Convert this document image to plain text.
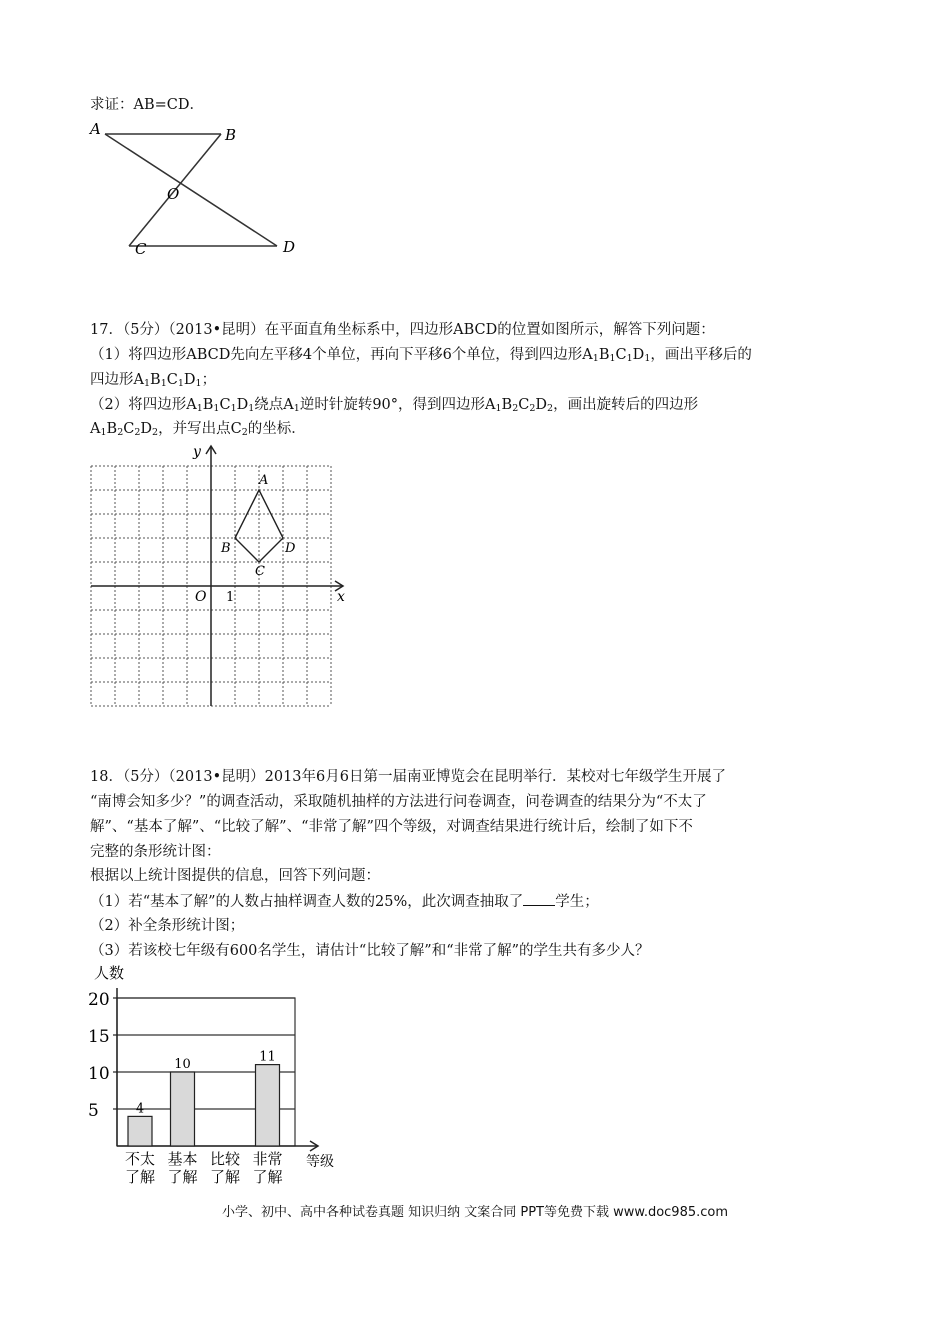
求证：AB=CD．
A	B
O
C	D
17．（5分）（2013•昆明）在平面直角坐标系中，四边形ABCD的位置如图所示，解答下列问题：
（1）将四边形ABCD先向左平移4个单位，再向下平移6个单位，得到四边形$A_1B_1C_1D_1$，画出平移后的
四边形$A_1B_1C_1D_1$；
（2）将四边形$A_1B_1C_1D_1$绕点$A_1$逆时针旋转90°，得到四边形$A_1B_2C_2D_2$，画出旋转后的四边形
$A_1B_2C_2D_2$，并写出点$C_2$的坐标．
y
x
O 1
A
B
C
D
18．（5分）（2013•昆明）2013年6月6日第一届南亚博览会在昆明举行．某校对七年级学生开展了
“南博会知多少？”的调查活动，采取随机抽样的方法进行问卷调查，问卷调查的结果分为“不太了
解”、“基本了解”、“比较了解”、“非常了解”四个等级，对调查结果进行统计后，绘制了如下不
完整的条形统计图：
根据以上统计图提供的信息，回答下列问题：
（1）若“基本了解”的人数占抽样调查人数的25%，此次调查抽取了 学生；
（2）补全条形统计图；
（3）若该校七年级有600名学生，请估计“比较了解”和“非常了解”的学生共有多少人？
4
10	11
人数
等级
5
10
15
20
不太
了解
基本
了解
比较
了解
非常
了解
小学、初中、高中各种试卷真题 知识归纳 文案合同 PPT等免费下载 www.doc985.com
